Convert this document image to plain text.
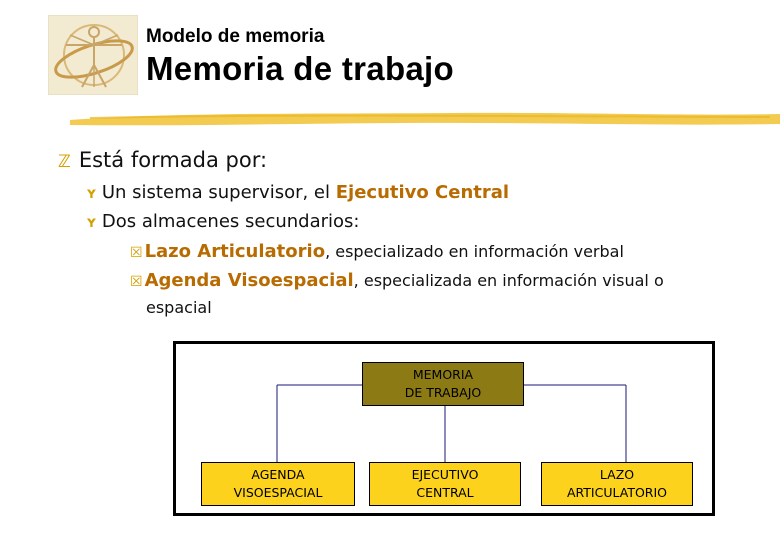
Modelo de memoria
Memoria de trabajo
ℤ Está formada por:
ʏ Un sistema supervisor, el Ejecutivo Central
ʏ Dos almacenes secundarios:
☒ Lazo Articulatorio, especializado en información verbal
☒ Agenda Visoespacial, especializada en información visual o
espacial
MEMORIA
DE TRABAJO
AGENDA
VISOESPACIAL
EJECUTIVO
CENTRAL
LAZO
ARTICULATORIO
